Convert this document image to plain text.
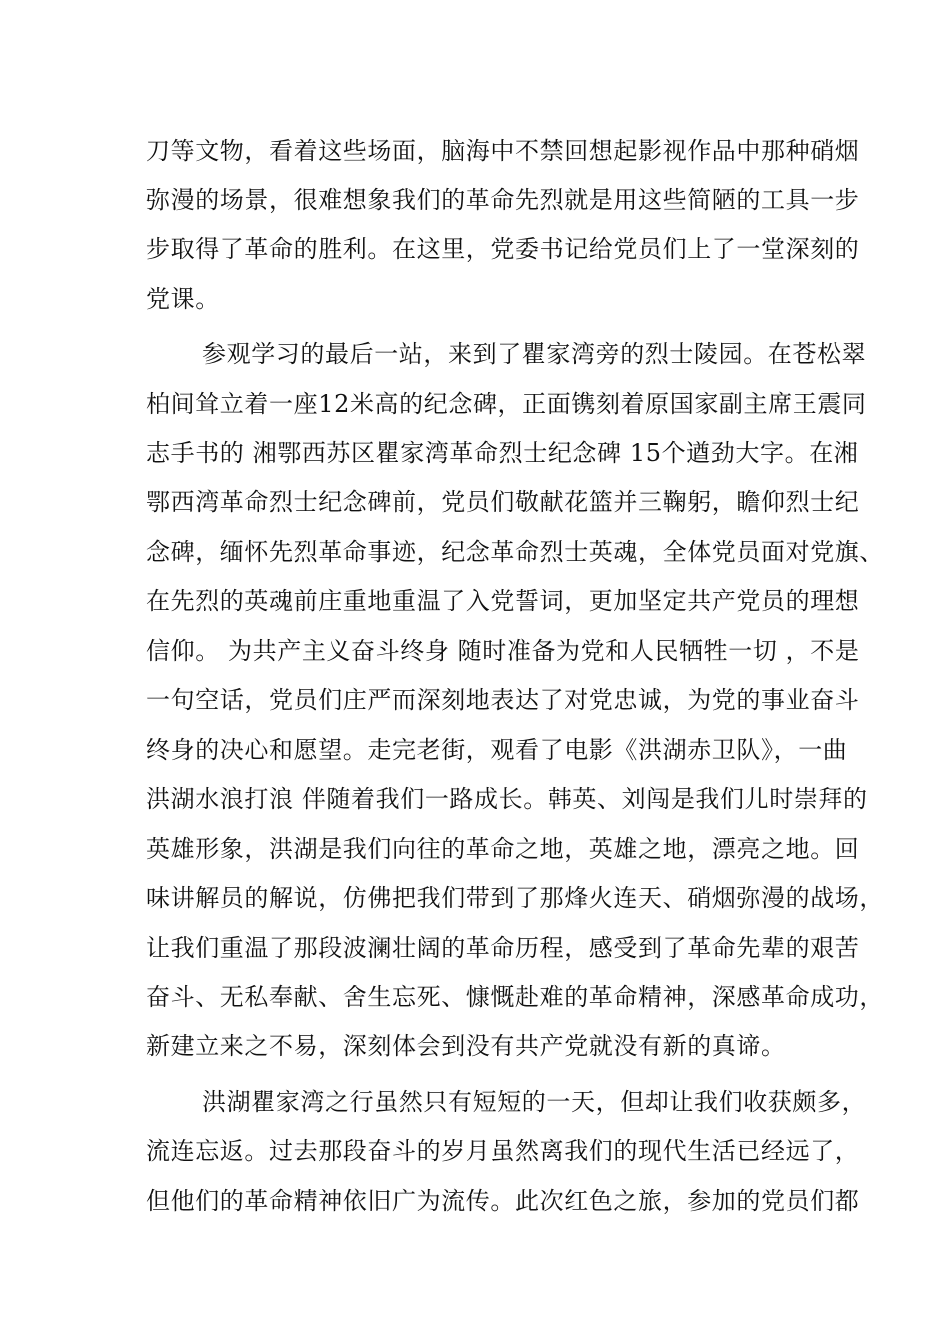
刀等文物，看着这些场面，脑海中不禁回想起影视作品中那种硝烟
弥漫的场景，很难想象我们的革命先烈就是用这些简陋的工具一步
步取得了革命的胜利。在这里，党委书记给党员们上了一堂深刻的
党课。
参观学习的最后一站，来到了瞿家湾旁的烈士陵园。在苍松翠
柏间耸立着一座12米高的纪念碑，正面镌刻着原国家副主席王震同
志手书的 湘鄂西苏区瞿家湾革命烈士纪念碑 15个遒劲大字。在湘
鄂西湾革命烈士纪念碑前，党员们敬献花篮并三鞠躬，瞻仰烈士纪
念碑，缅怀先烈革命事迹，纪念革命烈士英魂，全体党员面对党旗、
在先烈的英魂前庄重地重温了入党誓词，更加坚定共产党员的理想
信仰。 为共产主义奋斗终身 随时准备为党和人民牺牲一切 ，不是
一句空话，党员们庄严而深刻地表达了对党忠诚，为党的事业奋斗
终身的决心和愿望。走完老街，观看了电影《洪湖赤卫队》，一曲
洪湖水浪打浪 伴随着我们一路成长。韩英、刘闯是我们儿时崇拜的
英雄形象，洪湖是我们向往的革命之地，英雄之地，漂亮之地。回
味讲解员的解说，仿佛把我们带到了那烽火连天、硝烟弥漫的战场，
让我们重温了那段波澜壮阔的革命历程，感受到了革命先辈的艰苦
奋斗、无私奉献、舍生忘死、慷慨赴难的革命精神，深感革命成功，
新建立来之不易，深刻体会到没有共产党就没有新的真谛。
洪湖瞿家湾之行虽然只有短短的一天，但却让我们收获颇多，
流连忘返。过去那段奋斗的岁月虽然离我们的现代生活已经远了，
但他们的革命精神依旧广为流传。此次红色之旅，参加的党员们都
